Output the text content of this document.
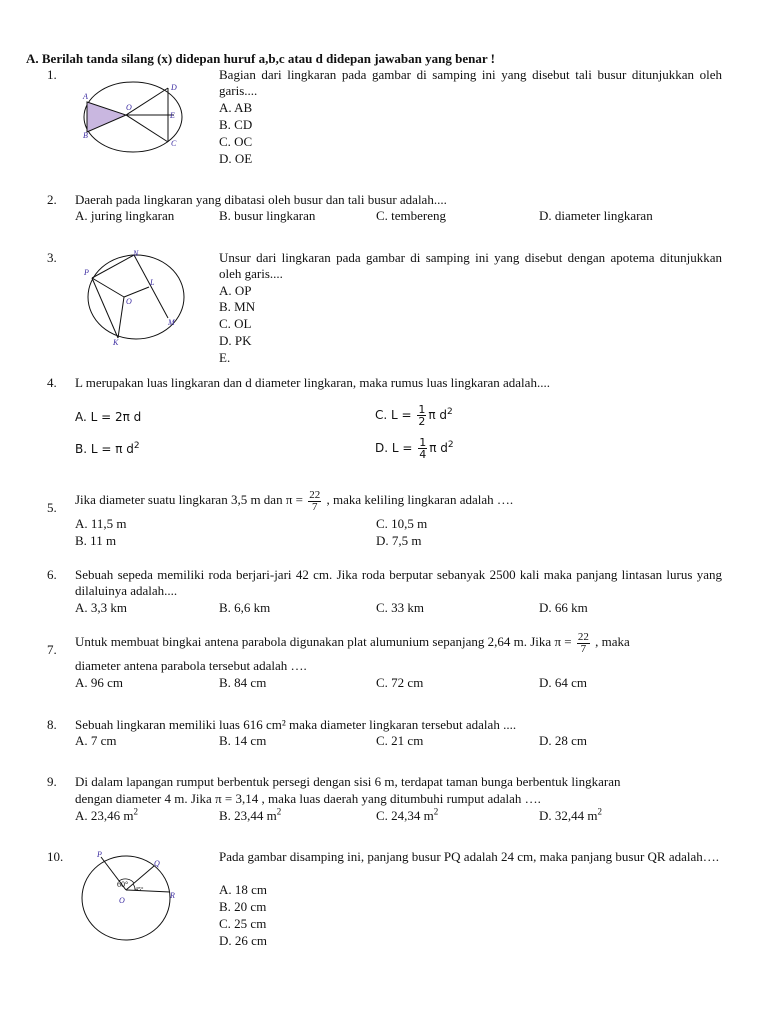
A. Berilah tanda silang (x) didepan huruf a,b,c atau d didepan jawaban yang benar !
1.
A
D
O
E
B
C
Bagian dari lingkaran pada gambar di samping ini yang disebut tali busur ditunjukkan oleh garis....
A. AB
B. CD
C. OC
D. OE
2. Daerah pada lingkaran yang dibatasi oleh busur dan tali busur adalah....
A. juring lingkaran	B. busur lingkaran	C. tembereng	D. diameter lingkaran
3.	N
P
L
O
M
K
Unsur dari lingkaran pada gambar di samping ini yang disebut dengan apotema ditunjukkan oleh garis....
A. OP
B. MN
C. OL
D. PK
E.
4. L merupakan luas lingkaran dan d diameter lingkaran, maka rumus luas lingkaran adalah....
A. L = 2π d
B. L = π $d^2$
C. $L = \frac{1}{2}$ π $d^2$
D. $L = \frac{1}{4}$ π $d^2$
5.
Jika diameter suatu lingkaran 3,5 m dan $\pi = \frac{22}{7}$ , maka keliling lingkaran adalah ….
A. 11,5 m	C. 10,5 m
B. 11 m	D. 7,5 m
6. Sebuah sepeda memiliki roda berjari-jari 42 cm. Jika roda berputar sebanyak 2500 kali maka panjang lintasan lurus yang dilaluinya adalah....
A. 3,3 km	B. 6,6 km	C. 33 km	D. 66 km
7.
Untuk membuat bingkai antena parabola digunakan plat alumunium sepanjang 2,64 m. Jika $\pi = \frac{22}{7}$ , maka
diameter antena parabola tersebut adalah ….
A. 96 cm	B. 84 cm	C. 72 cm	D. 64 cm
8. Sebuah lingkaran memiliki luas 616 cm² maka diameter lingkaran tersebut adalah ....
A. 7 cm	B. 14 cm	C. 21 cm	D. 28 cm
9. Di dalam lapangan rumput berbentuk persegi dengan sisi 6 m, terdapat taman bunga berbentuk lingkaran
dengan diameter 4 m. Jika π = 3,14 , maka luas daerah yang ditumbuhi rumput adalah ….
A. 23,46 $m^2$	B. 23,44 $m^2$	C. 24,34 $m^2$	D. 32,44 $m^2$
10.	P
Q
60°
45°
R
O
Pada gambar disamping ini, panjang busur PQ adalah 24 cm, maka panjang busur QR adalah….
A. 18 cm
B. 20 cm
C. 25 cm
D. 26 cm
